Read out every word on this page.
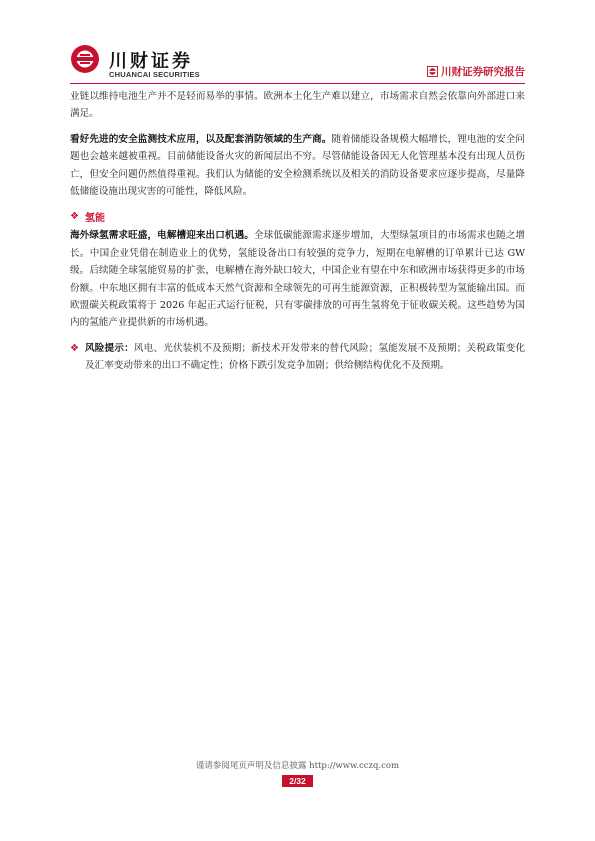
川财证券
CHUANCAI SECURITIES	川财证券研究报告

业链以维持电池生产并不是轻而易举的事情。欧洲本土化生产难以建立，市场需求自然会依靠向外部进口来满足。

看好先进的安全监测技术应用，以及配套消防领域的生产商。随着储能设备规模大幅增长，锂电池的安全问题也会越来越被重视。目前储能设备火灾的新闻层出不穷。尽管储能设备因无人化管理基本没有出现人员伤亡，但安全问题仍然值得重视。我们认为储能的安全检测系统以及相关的消防设备要求应逐步提高，尽量降低储能设施出现灾害的可能性，降低风险。

❖ 氢能

海外绿氢需求旺盛，电解槽迎来出口机遇。全球低碳能源需求逐步增加，大型绿氢项目的市场需求也随之增长。中国企业凭借在制造业上的优势，氢能设备出口有较强的竞争力，短期在电解槽的订单累计已达 GW 级。后续随全球氢能贸易的扩张，电解槽在海外缺口较大，中国企业有望在中东和欧洲市场获得更多的市场份额。中东地区拥有丰富的低成本天然气资源和全球领先的可再生能源资源，正积极转型为氢能输出国。而欧盟碳关税政策将于 2026 年起正式运行征税，只有零碳排放的可再生氢将免于征收碳关税。这些趋势为国内的氢能产业提供新的市场机遇。

❖ 风险提示：风电、光伏装机不及预期；新技术开发带来的替代风险；氢能发展不及预期；关税政策变化及汇率变动带来的出口不确定性；价格下跌引发竞争加剧；供给侧结构优化不及预期。

谨请参阅尾页声明及信息披露 http://www.cczq.com
2/32
